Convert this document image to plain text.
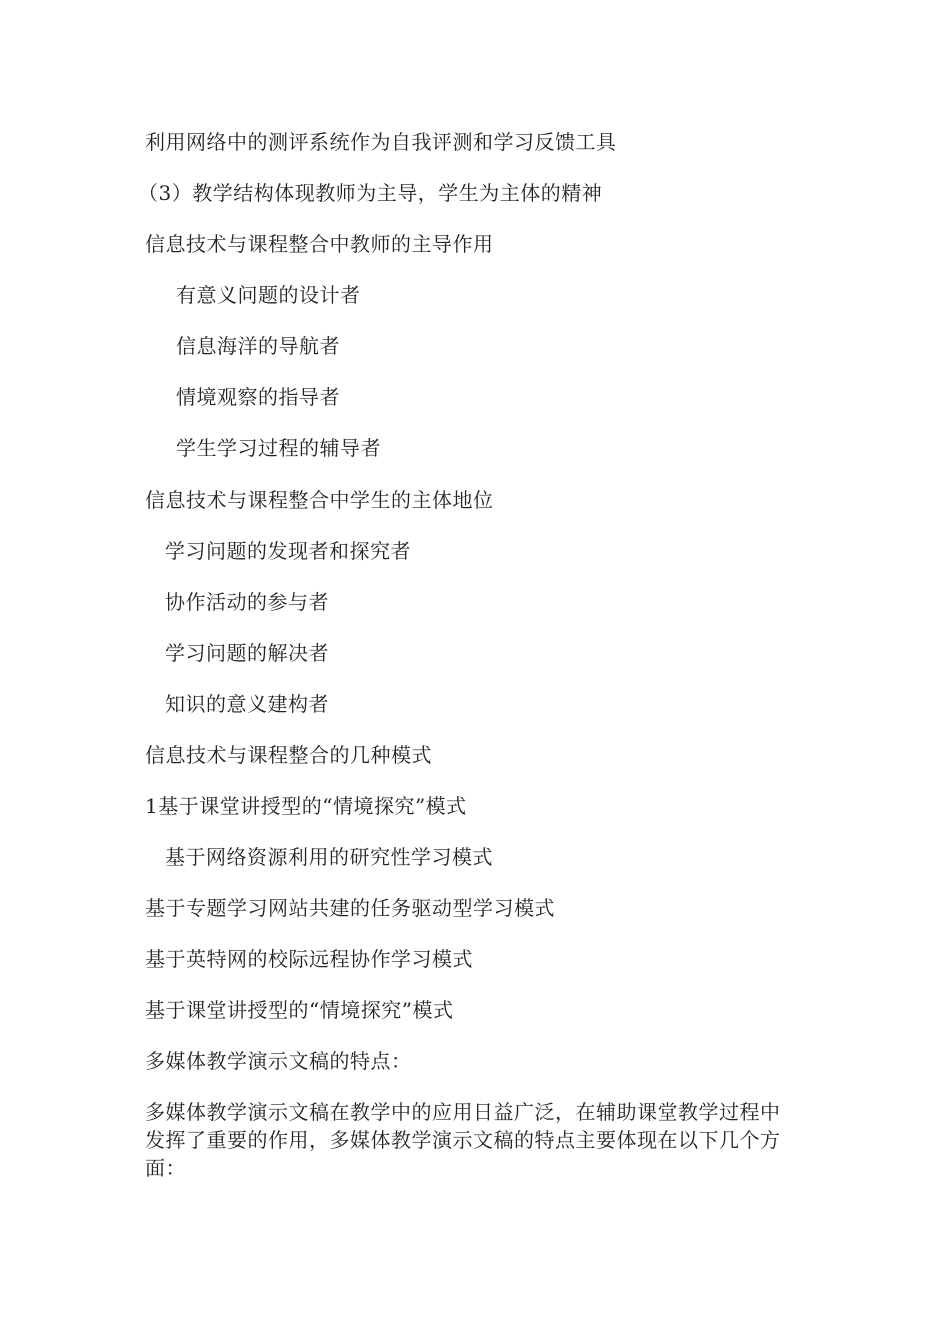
利用网络中的测评系统作为自我评测和学习反馈工具
（3）教学结构体现教师为主导，学生为主体的精神
信息技术与课程整合中教师的主导作用
有意义问题的设计者
信息海洋的导航者
情境观察的指导者
学生学习过程的辅导者
信息技术与课程整合中学生的主体地位
学习问题的发现者和探究者
协作活动的参与者
学习问题的解决者
知识的意义建构者
信息技术与课程整合的几种模式
1基于课堂讲授型的“情境探究”模式
基于网络资源利用的研究性学习模式
基于专题学习网站共建的任务驱动型学习模式
基于英特网的校际远程协作学习模式
基于课堂讲授型的“情境探究”模式
多媒体教学演示文稿的特点：
多媒体教学演示文稿在教学中的应用日益广泛，在辅助课堂教学过程中
发挥了重要的作用，多媒体教学演示文稿的特点主要体现在以下几个方
面：
